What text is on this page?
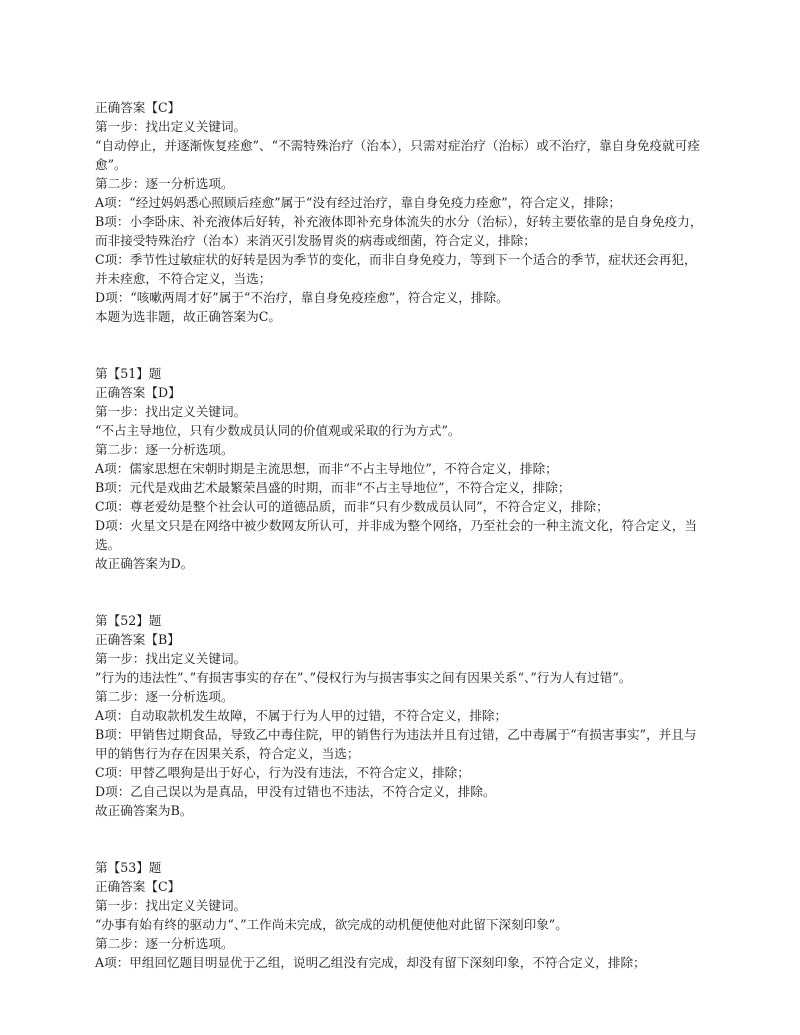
正确答案【C】

第一步：找出定义关键词。

“自动停止，并逐渐恢复痊愈”、“不需特殊治疗（治本），只需对症治疗（治标）或不治疗，靠自身免疫就可痊愈”。

第二步：逐一分析选项。

A项：“经过妈妈悉心照顾后痊愈”属于“没有经过治疗，靠自身免疫力痊愈”，符合定义，排除；

B项：小李卧床、补充液体后好转，补充液体即补充身体流失的水分（治标），好转主要依靠的是自身免疫力，而非接受特殊治疗（治本）来消灭引发肠胃炎的病毒或细菌，符合定义，排除；

C项：季节性过敏症状的好转是因为季节的变化，而非自身免疫力，等到下一个适合的季节，症状还会再犯，并未痊愈，不符合定义，当选；

D项：“咳嗽两周才好”属于“不治疗，靠自身免疫痊愈”，符合定义，排除。

本题为选非题，故正确答案为C。

第【51】题

正确答案【D】

第一步：找出定义关键词。

“不占主导地位，只有少数成员认同的价值观或采取的行为方式”。

第二步：逐一分析选项。

A项：儒家思想在宋朝时期是主流思想，而非“不占主导地位”，不符合定义，排除；

B项：元代是戏曲艺术最繁荣昌盛的时期，而非“不占主导地位”，不符合定义，排除；

C项：尊老爱幼是整个社会认可的道德品质，而非“只有少数成员认同”，不符合定义，排除；

D项：火星文只是在网络中被少数网友所认可，并非成为整个网络，乃至社会的一种主流文化，符合定义，当选。

故正确答案为D。

第【52】题

正确答案【B】

第一步：找出定义关键词。

”行为的违法性”、”有损害事实的存在”、”侵权行为与损害事实之间有因果关系“、”行为人有过错”。

第二步：逐一分析选项。

A项：自动取款机发生故障，不属于行为人甲的过错，不符合定义，排除；

B项：甲销售过期食品，导致乙中毒住院，甲的销售行为违法并且有过错，乙中毒属于“有损害事实”，并且与甲的销售行为存在因果关系，符合定义，当选；

C项：甲替乙喂狗是出于好心，行为没有违法，不符合定义，排除；

D项：乙自己误以为是真品，甲没有过错也不违法，不符合定义，排除。

故正确答案为B。

第【53】题

正确答案【C】

第一步：找出定义关键词。

“办事有始有终的驱动力“、”工作尚未完成，欲完成的动机便使他对此留下深刻印象”。

第二步：逐一分析选项。

A项：甲组回忆题目明显优于乙组，说明乙组没有完成，却没有留下深刻印象，不符合定义，排除；
